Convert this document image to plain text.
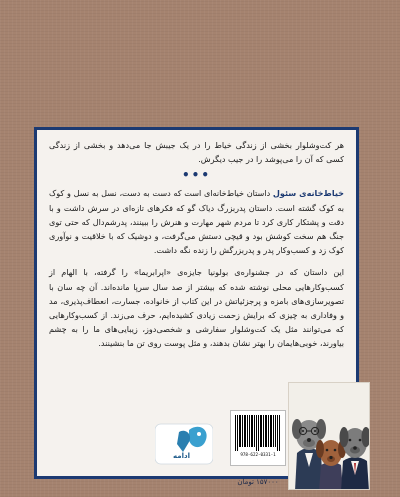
هر کت‌وشلوار بخشی از زندگی خیاط را در یک جیبش جا می‌دهد و بخشی از زندگی کسی که آن را می‌پوشد را در جیب دیگرش.

•••

خیاط‌خانه‌ی سئول داستان خیاط‌خانه‌ای است که دست به دست، نسل به نسل و کوک به کوک گشته است. داستان پدربزرگ دیاک گو که فکرهای تازه‌ای در سرش داشت و با دقت و پشتکار کاری کرد تا مردم شهر مهارت و هنرش را ببینند، پدرشم‌دال که حتی توی جنگ هم سخت کوشش بود و قیچی دستش می‌گرفت، و دوشیک که با خلاقیت و نوآوری کوک زد و کسب‌وکار پدر و پدربزرگش را زنده نگه داشت.

این داستان که در جشنواره‌ی بولونیا جایزه‌ی «اپرابریما» را گرفته، با الهام از کسب‌وکارهایی محلی نوشته شده که بیشتر از صد سال سرپا مانده‌اند. آن چه سان با تصویرسازی‌های بامزه و پرجزئیاتش در این کتاب از خانواده، جسارت، انعطاف‌پذیری، مد و وفاداری به چیزی که برایش زحمت زیادی کشیده‌ایم، حرف می‌زند. از کسب‌وکارهایی که می‌توانند مثل یک کت‌وشلوار سفارشی و شخصی‌دوز، زیبایی‌های ما را به چشم بیاورند، خوبی‌هایمان را بهتر نشان بدهند، و مثل پوست روی تن ما بنشینند.

ادامه	978-622-0331-1
۱۵۷۰۰۰ تومان
